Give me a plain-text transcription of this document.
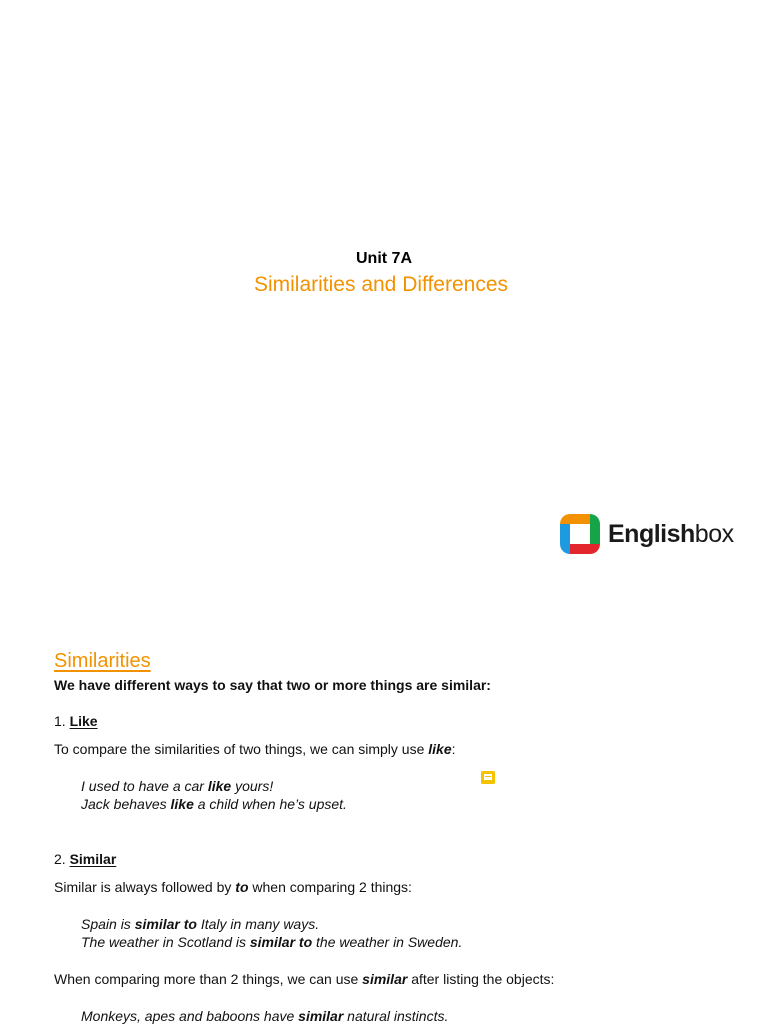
Unit 7A
Similarities and Differences
Englishbox
Similarities
We have different ways to say that two or more things are similar:
1. Like
To compare the similarities of two things, we can simply use like:
I used to have a car like yours!
Jack behaves like a child when he’s upset.
2. Similar
Similar is always followed by to when comparing 2 things:
Spain is similar to Italy in many ways.
The weather in Scotland is similar to the weather in Sweden.
When comparing more than 2 things, we can use similar after listing the objects:
Monkeys, apes and baboons have similar natural instincts.
